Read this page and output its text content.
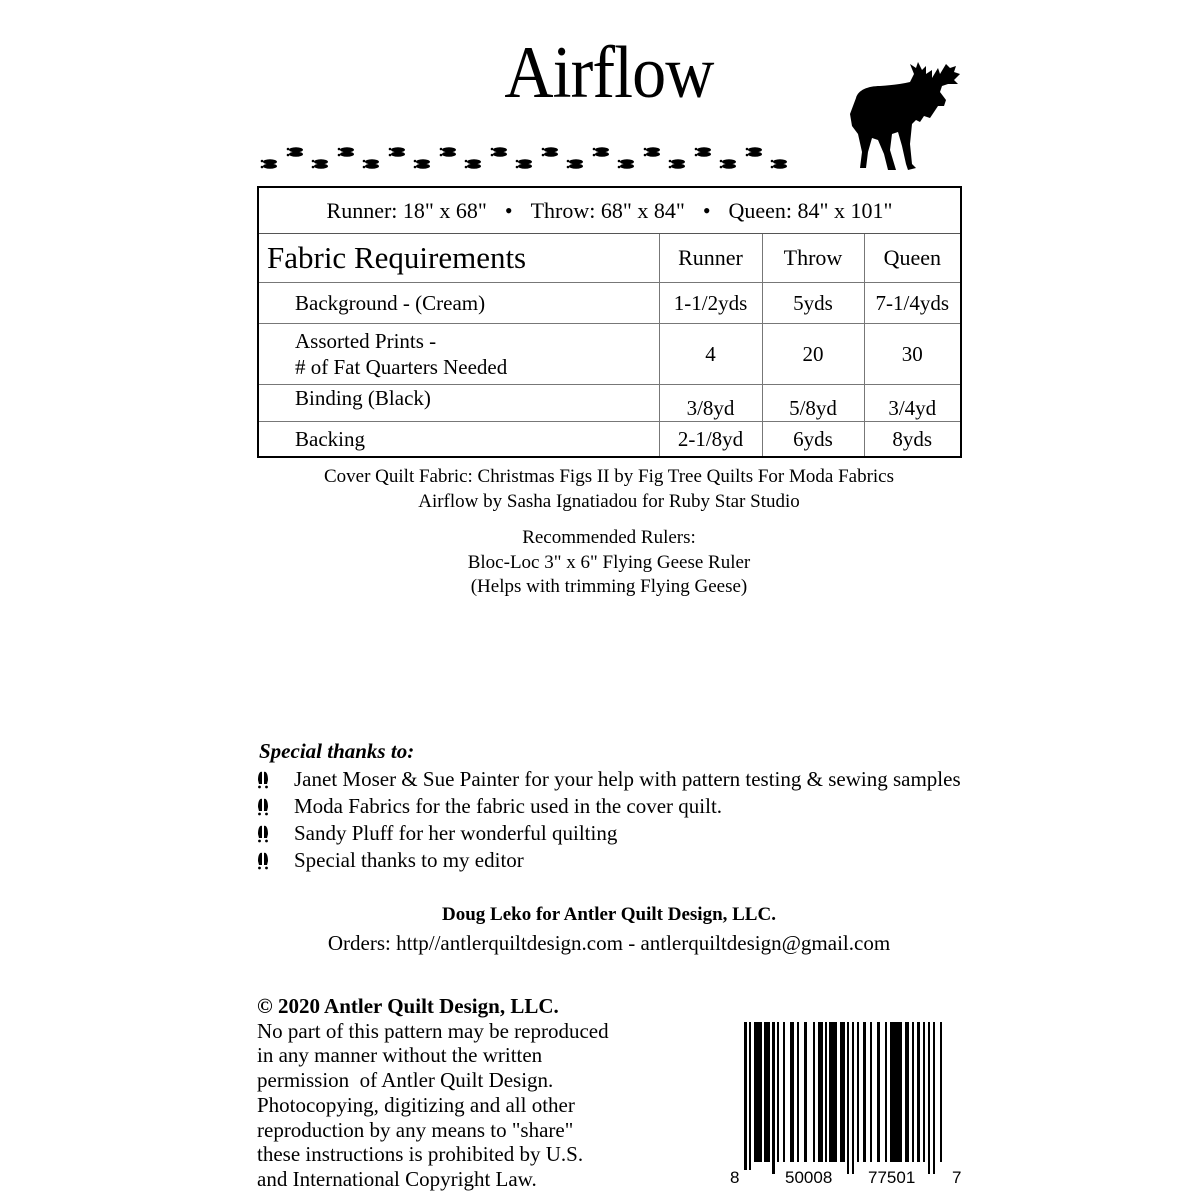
Airflow
Runner: 18" x 68" • Throw: 68" x 84" • Queen: 84" x 101"			
Fabric Requirements	Runner	Throw	Queen
Background - (Cream)	1-1/2yds	5yds	7-1/4yds

Assorted Prints -
# of Fat Quarters Needed	4	20	30
Binding (Black)	3/8yd	5/8yd	3/4yd
Backing	2-1/8yd	6yds	8yds
Cover Quilt Fabric: Christmas Figs II by Fig Tree Quilts For Moda Fabrics
Airflow by Sasha Ignatiadou for Ruby Star Studio
Recommended Rulers:
Bloc-Loc 3" x 6" Flying Geese Ruler
(Helps with trimming Flying Geese)
Special thanks to:
Janet Moser & Sue Painter for your help with pattern testing & sewing samples
Moda Fabrics for the fabric used in the cover quilt.
Sandy Pluff for her wonderful quilting
Special thanks to my editor
Doug Leko for Antler Quilt Design, LLC.
Orders: http//antlerquiltdesign.com - antlerquiltdesign@gmail.com
© 2020 Antler Quilt Design, LLC.
No part of this pattern may be reproduced
in any manner without the written
permission  of Antler Quilt Design.
Photocopying, digitizing and all other
reproduction by any means to "share"
these instructions is prohibited by U.S.
and International Copyright Law.	8	50008 77501 7
